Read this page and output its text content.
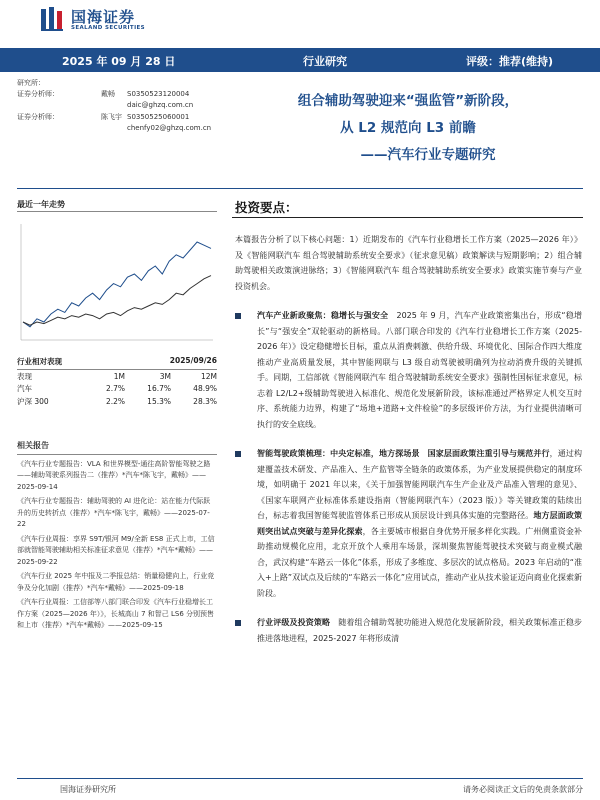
国海证券
SEALAND SECURITIES
2025 年 09 月 28 日	行业研究	评级：推荐(维持)
研究所：
证券分析师：	戴畅	S0350523120004
daic@ghzq.com.cn
证券分析师：	陈飞宇 S0350525060001
chenfy02@ghzq.com.cn
组合辅助驾驶迎来“强监管”新阶段，
从 L2 规范向 L3 前瞻
——汽车行业专题研究
最近一年走势
行业相对表现	2025/09/26
表现	1M	3M	12M
汽车	2.7%	16.7%	48.9%
沪深 300	2.2%	15.3%	28.3%
相关报告
《汽车行业专题报告：VLA 和世界模型-通往高阶智能驾驶之路——辅助驾驶系列报告二（推荐）*汽车*陈飞宇，戴畅》——2025-09-14
《汽车行业专题报告：辅助驾驶的 AI 进化论：站在能力代际跃升的历史转折点（推荐）*汽车*陈飞宇，戴畅》——2025-07-22
《汽车行业周报：享界 S9T/银河 M9/全新 ES8 正式上市，工信部就智能驾驶辅助相关标准征求意见（推荐）*汽车*戴畅》——2025-09-22
《汽车行业 2025 年中报及二季报总结：销量稳健向上，行业竞争及分化加剧（推荐）*汽车*戴畅》——2025-09-18
《汽车行业周报：工信部等八部门联合印发《汽车行业稳增长工作方案（2025—2026 年）》，长城高山 7 和智己 LS6 分别预售和上市（推荐）*汽车*戴畅》——2025-09-15
投资要点：

本篇报告分析了以下核心问题：1）近期发布的《汽车行业稳增长工作方案（2025—2026 年）》及《智能网联汽车 组合驾驶辅助系统安全要求》（征求意见稿）政策解读与短期影响；2）组合辅助驾驶相关政策演进脉络；3）《智能网联汽车 组合驾驶辅助系统安全要求》政策实施节奏与产业投资机会。

汽车产业新政聚焦：稳增长与强安全 2025 年 9 月，汽车产业政策密集出台，形成“稳增长”与“强安全”双轮驱动的新格局。八部门联合印发的《汽车行业稳增长工作方案（2025-2026 年）》设定稳健增长目标，重点从消费刺激、供给升级、环境优化、国际合作四大维度推动产业高质量发展，其中智能网联与 L3 级自动驾驶被明确列为拉动消费升级的关键抓手。同期，工信部就《智能网联汽车 组合驾驶辅助系统安全要求》强制性国标征求意见，标志着 L2/L2+级辅助驾驶进入标准化、规范化发展新阶段，该标准通过严格界定人机交互时序、系统能力边界，构建了“场地+道路+文件检验”的多层级评价方法，为行业提供清晰可执行的安全底线。

智能驾驶政策梳理：中央定标准，地方探场景 国家层面政策注重引导与规范并行，通过构建覆盖技术研发、产品准入、生产监管等全链条的政策体系，为产业发展提供稳定的制度环境，如明确于 2021 年以来，《关于加强智能网联汽车生产企业及产品准入管理的意见》、《国家车联网产业标准体系建设指南（智能网联汽车）（2023 版）》等关键政策的陆续出台，标志着我国智能驾驶监管体系已形成从顶层设计到具体实施的完整路径。地方层面政策则突出试点突破与差异化探索，各主要城市根据自身优势开展多样化实践。广州侧重资金补助推动规模化应用，北京开放个人乘用车场景，深圳聚焦智能驾驶技术突破与商业模式融合，武汉构建“车路云一体化”体系，形成了多维度、多层次的试点格局。2023 年启动的“准入+上路”双试点及后续的“车路云一体化”应用试点，推动产业从技术验证迈向商业化探索新阶段。

行业评级及投资策略 随着组合辅助驾驶功能进入规范化发展新阶段，相关政策标准正稳步推进落地进程，2025-2027 年将形成清

国海证券研究所	请务必阅读正文后的免责条款部分
